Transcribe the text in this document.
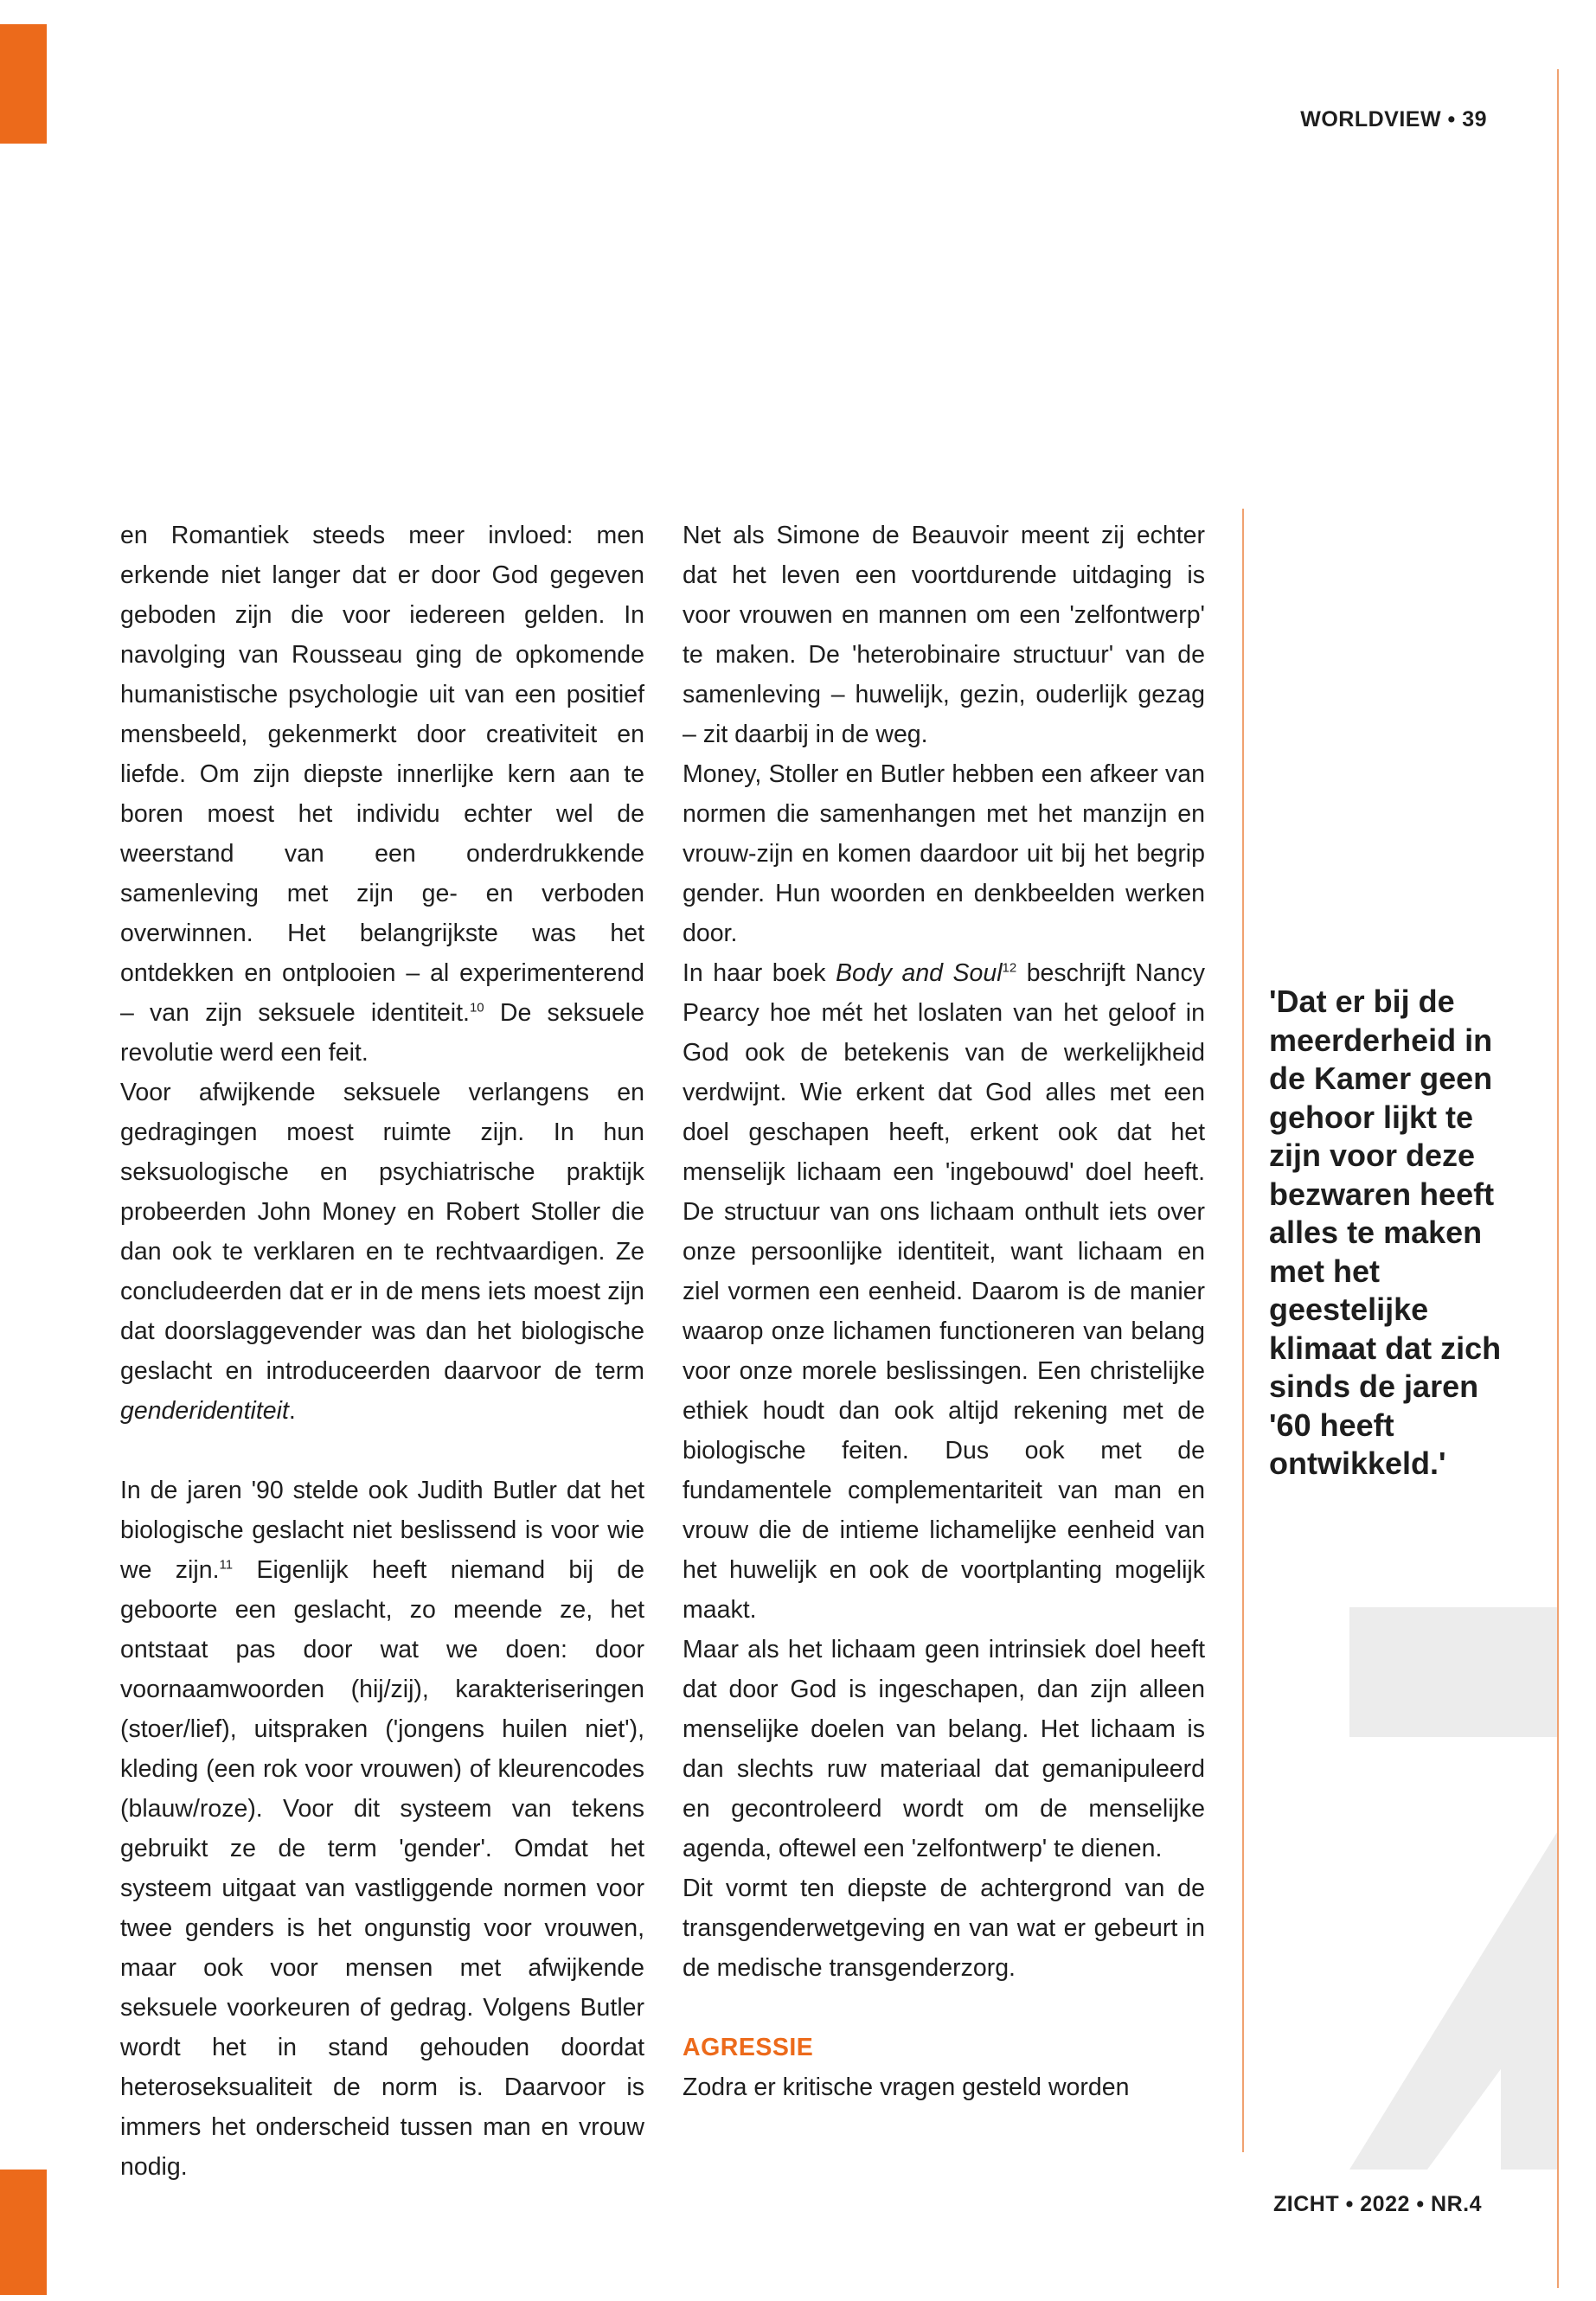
WORLDVIEW • 39

en Romantiek steeds meer invloed: men erkende niet langer dat er door God gegeven geboden zijn die voor iedereen gelden. In navolging van Rousseau ging de opkomende humanistische psychologie uit van een positief mensbeeld, gekenmerkt door creativiteit en liefde. Om zijn diepste innerlijke kern aan te boren moest het individu echter wel de weerstand van een onderdrukkende samenleving met zijn ge- en verboden overwinnen. Het belangrijkste was het ontdekken en ontplooien – al experimenterend – van zijn seksuele identiteit.$^{10}$ De seksuele revolutie werd een feit.

Voor afwijkende seksuele verlangens en gedragingen moest ruimte zijn. In hun seksuologische en psychiatrische praktijk probeerden John Money en Robert Stoller die dan ook te verklaren en te rechtvaardigen. Ze concludeerden dat er in de mens iets moest zijn dat doorslaggevender was dan het biologische geslacht en introduceerden daarvoor de term genderidentiteit.

In de jaren '90 stelde ook Judith Butler dat het biologische geslacht niet beslissend is voor wie we zijn.$^{11}$ Eigenlijk heeft niemand bij de geboorte een geslacht, zo meende ze, het ontstaat pas door wat we doen: door voornaamwoorden (hij/zij), karakteriseringen (stoer/lief), uitspraken ('jongens huilen niet'), kleding (een rok voor vrouwen) of kleurencodes (blauw/roze). Voor dit systeem van tekens gebruikt ze de term 'gender'. Omdat het systeem uitgaat van vastliggende normen voor twee genders is het ongunstig voor vrouwen, maar ook voor mensen met afwijkende seksuele voorkeuren of gedrag. Volgens Butler wordt het in stand gehouden doordat heteroseksualiteit de norm is. Daarvoor is immers het onderscheid tussen man en vrouw nodig.

Net als Simone de Beauvoir meent zij echter dat het leven een voortdurende uitdaging is voor vrouwen en mannen om een 'zelfontwerp' te maken. De 'heterobinaire structuur' van de samenleving – huwelijk, gezin, ouderlijk gezag – zit daarbij in de weg.

Money, Stoller en Butler hebben een afkeer van normen die samenhangen met het manzijn en vrouw-zijn en komen daardoor uit bij het begrip gender. Hun woorden en denkbeelden werken door.

In haar boek Body and Soul$^{12}$ beschrijft Nancy Pearcy hoe mét het loslaten van het geloof in God ook de betekenis van de werkelijkheid verdwijnt. Wie erkent dat God alles met een doel geschapen heeft, erkent ook dat het menselijk lichaam een 'ingebouwd' doel heeft. De structuur van ons lichaam onthult iets over onze persoonlijke identiteit, want lichaam en ziel vormen een eenheid. Daarom is de manier waarop onze lichamen functioneren van belang voor onze morele beslissingen. Een christelijke ethiek houdt dan ook altijd rekening met de biologische feiten. Dus ook met de fundamentele complementariteit van man en vrouw die de intieme lichamelijke eenheid van het huwelijk en ook de voortplanting mogelijk maakt.

Maar als het lichaam geen intrinsiek doel heeft dat door God is ingeschapen, dan zijn alleen menselijke doelen van belang. Het lichaam is dan slechts ruw materiaal dat gemanipuleerd en gecontroleerd wordt om de menselijke agenda, oftewel een 'zelfontwerp' te dienen.

Dit vormt ten diepste de achtergrond van de transgenderwetgeving en van wat er gebeurt in de medische transgenderzorg.

AGRESSIE

Zodra er kritische vragen gesteld worden

'Dat er bij de meerderheid in de Kamer geen gehoor lijkt te zijn voor deze bezwaren heeft alles te maken met het geestelijke klimaat dat zich sinds de jaren '60 heeft ontwikkeld.'
ZICHT • 2022 • NR.4
